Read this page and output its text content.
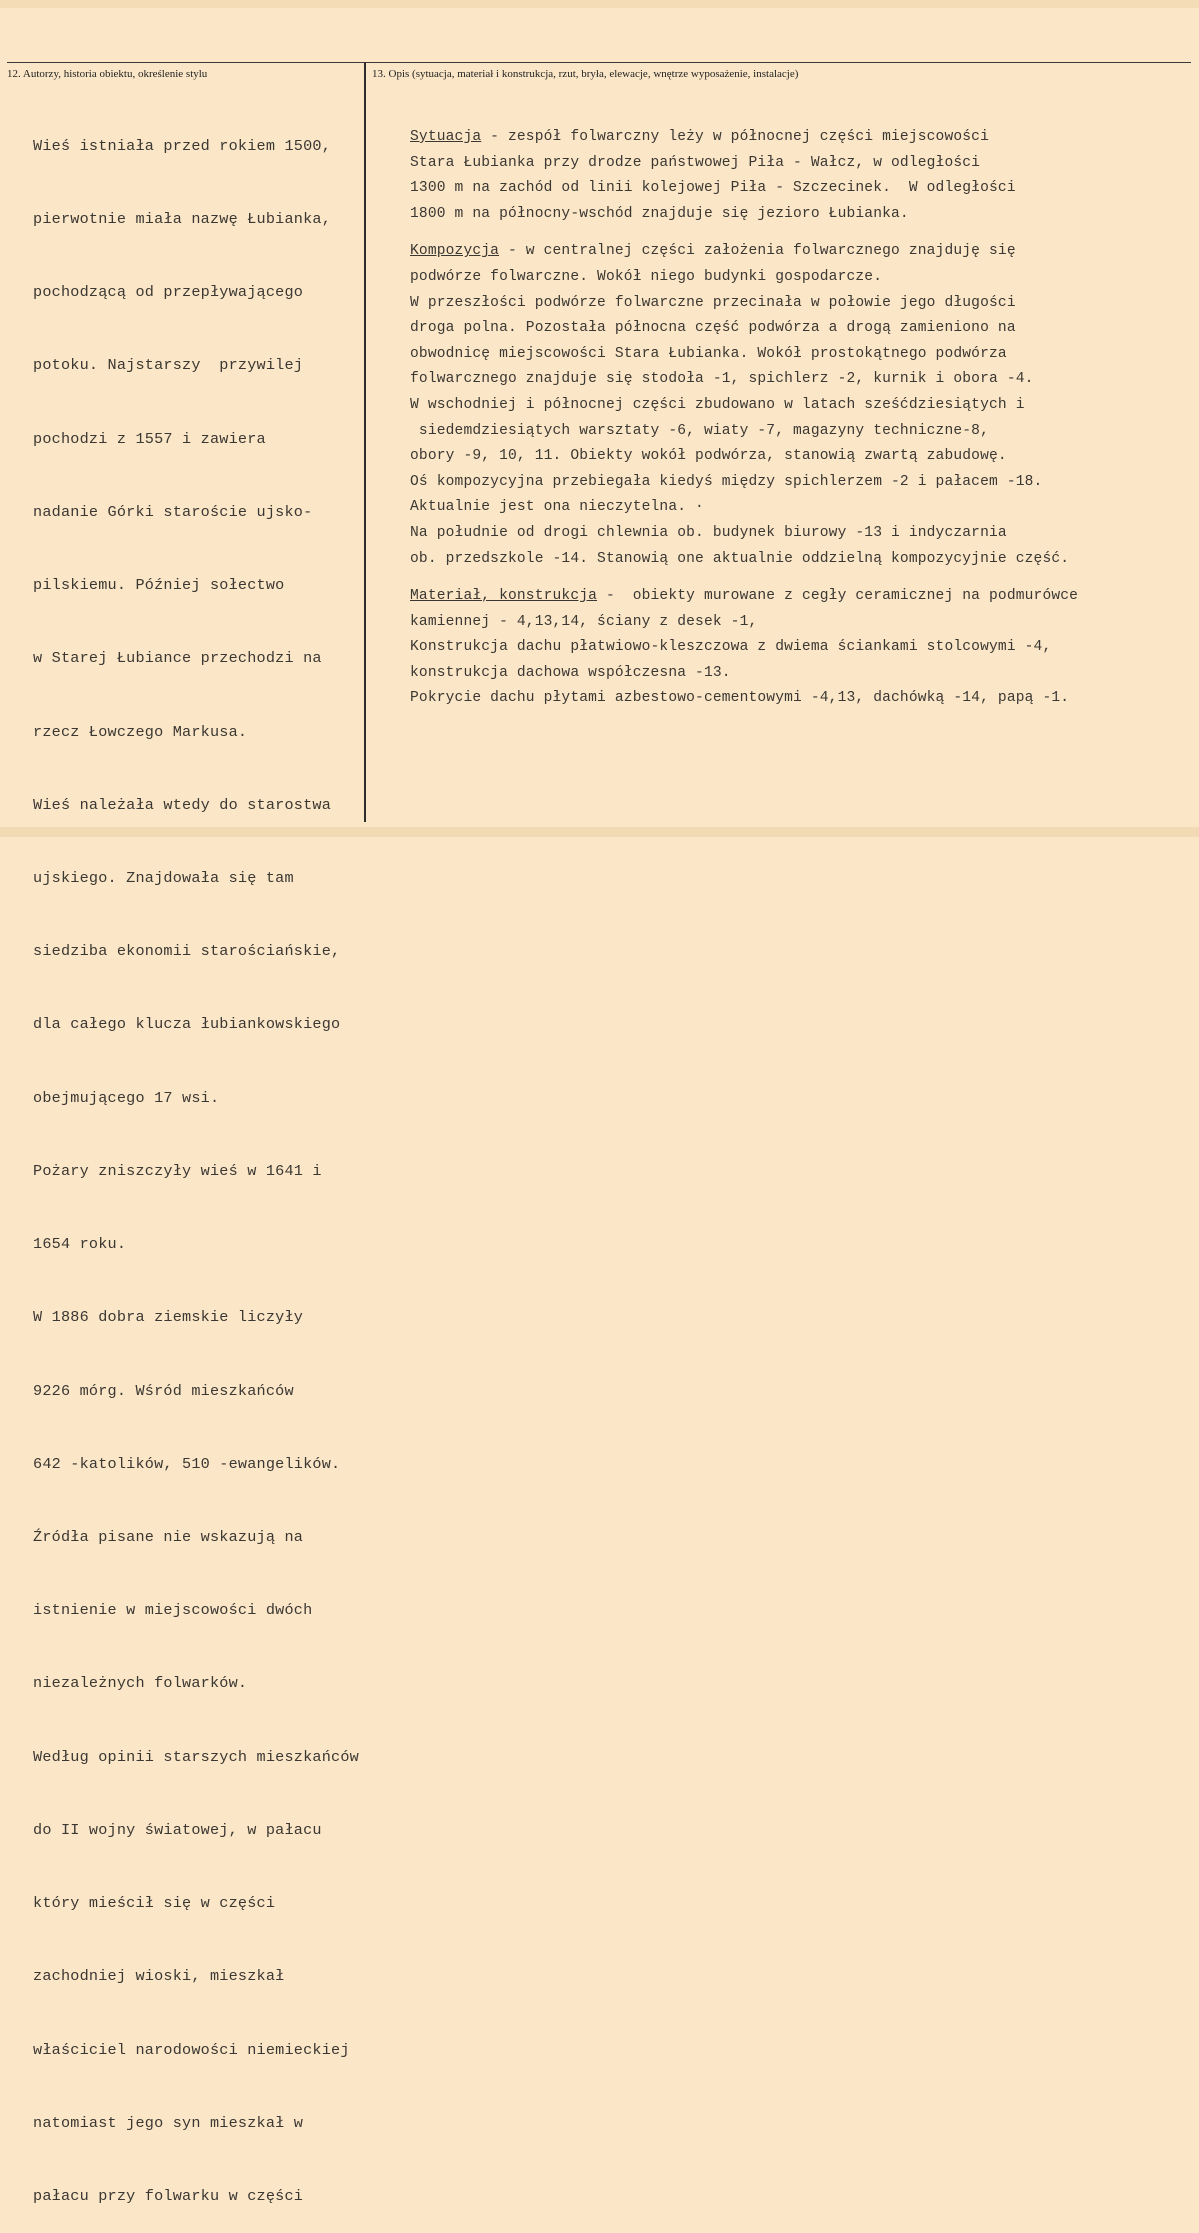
12. Autorzy, historia obiektu, określenie stylu	13. Opis (sytuacja, materiał i konstrukcja, rzut, bryła, elewacje, wnętrze wyposażenie, instalacje)

Wieś istniała przed rokiem 1500,

pierwotnie miała nazwę Łubianka,

pochodzącą od przepływającego

potoku. Najstarszy  przywilej

pochodzi z 1557 i zawiera

nadanie Górki staroście ujsko-

pilskiemu. Później sołectwo

w Starej Łubiance przechodzi na

rzecz Łowczego Markusa.

Wieś należała wtedy do starostwa

ujskiego. Znajdowała się tam

siedziba ekonomii starościańskie,

dla całego klucza łubiankowskiego

obejmującego 17 wsi.

Pożary zniszczyły wieś w 1641 i

1654 roku.

W 1886 dobra ziemskie liczyły

9226 mórg. Wśród mieszkańców

642 -katolików, 510 -ewangelików.

Źródła pisane nie wskazują na

istnienie w miejscowości dwóch

niezależnych folwarków.

Według opinii starszych mieszkańców

do II wojny światowej, w pałacu

który mieścił się w części

zachodniej wioski, mieszkał

właściciel narodowości niemieckiej

natomiast jego syn mieszkał w

pałacu przy folwarku w części

Sytuacja - zespół folwarczny leży w północnej części miejscowości
Stara Łubianka przy drodze państwowej Piła - Wałcz, w odległości
1300 m na zachód od linii kolejowej Piła - Szczecinek.  W odległości
1800 m na północny-wschód znajduje się jezioro Łubianka.
Kompozycja - w centralnej części założenia folwarcznego znajduję się
podwórze folwarczne. Wokół niego budynki gospodarcze.
W przeszłości podwórze folwarczne przecinała w połowie jego długości
droga polna. Pozostała północna część podwórza a drogą zamieniono na
obwodnicę miejscowości Stara Łubianka. Wokół prostokątnego podwórza
folwarcznego znajduje się stodoła -1, spichlerz -2, kurnik i obora -4.
W wschodniej i północnej części zbudowano w latach sześćdziesiątych i
siedemdziesiątych warsztaty -6, wiaty -7, magazyny techniczne-8,
obory -9, 10, 11. Obiekty wokół podwórza, stanowią zwartą zabudowę.
Oś kompozycyjna przebiegała kiedyś między spichlerzem -2 i pałacem -18.
Aktualnie jest ona nieczytelna. ·
Na południe od drogi chlewnia ob. budynek biurowy -13 i indyczarnia
ob. przedszkole -14. Stanowią one aktualnie oddzielną kompozycyjnie część.
Materiał, konstrukcja -  obiekty murowane z cegły ceramicznej na podmurówce
kamiennej - 4,13,14, ściany z desek -1,
Konstrukcja dachu płatwiowo-kleszczowa z dwiema ściankami stolcowymi -4,
konstrukcja dachowa współczesna -13.
Pokrycie dachu płytami azbestowo-cementowymi -4,13, dachówką -14, papą -1.
